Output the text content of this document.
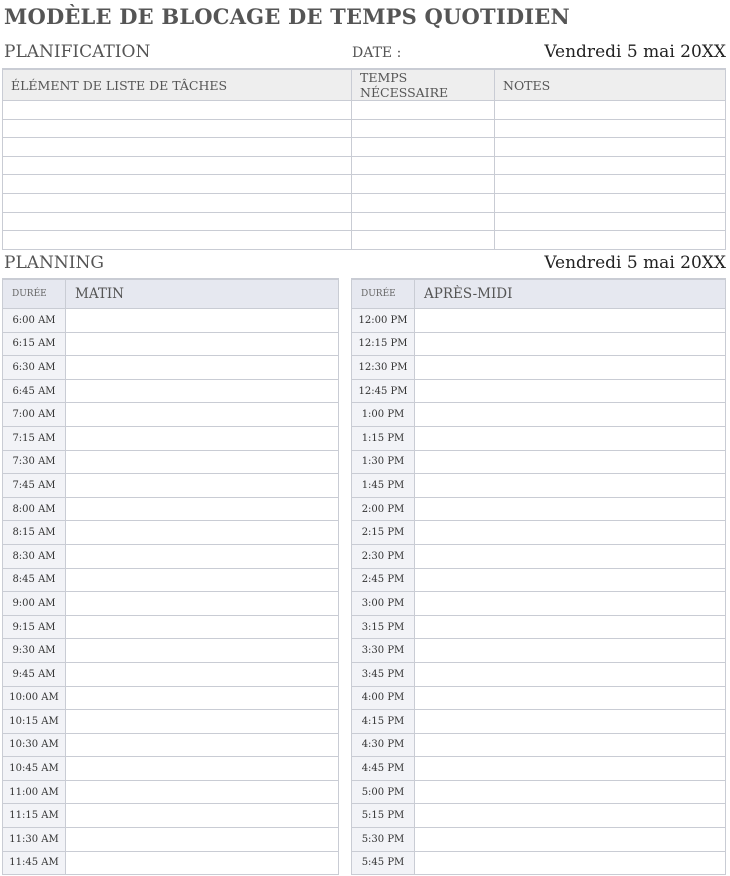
MODÈLE DE BLOCAGE DE TEMPS QUOTIDIEN
PLANIFICATION	DATE :	Vendredi 5 mai 20XX
ÉLÉMENT DE LISTE DE TÂCHES	TEMPS NÉCESSAIRE	NOTES

PLANNING	Vendredi 5 mai 20XX
DURÉE	MATIN
6:00 AM	
6:15 AM	
6:30 AM	
6:45 AM	
7:00 AM	
7:15 AM	
7:30 AM	
7:45 AM	
8:00 AM	
8:15 AM	
8:30 AM	
8:45 AM	
9:00 AM	
9:15 AM	
9:30 AM	
9:45 AM	
10:00 AM	
10:15 AM	
10:30 AM	
10:45 AM	
11:00 AM	
11:15 AM	
11:30 AM	
11:45 AM	
DURÉE	APRÈS-MIDI
12:00 PM	
12:15 PM	
12:30 PM	
12:45 PM	
1:00 PM	
1:15 PM	
1:30 PM	
1:45 PM	
2:00 PM	
2:15 PM	
2:30 PM	
2:45 PM	
3:00 PM	
3:15 PM	
3:30 PM	
3:45 PM	
4:00 PM	
4:15 PM	
4:30 PM	
4:45 PM	
5:00 PM	
5:15 PM	
5:30 PM	
5:45 PM	
